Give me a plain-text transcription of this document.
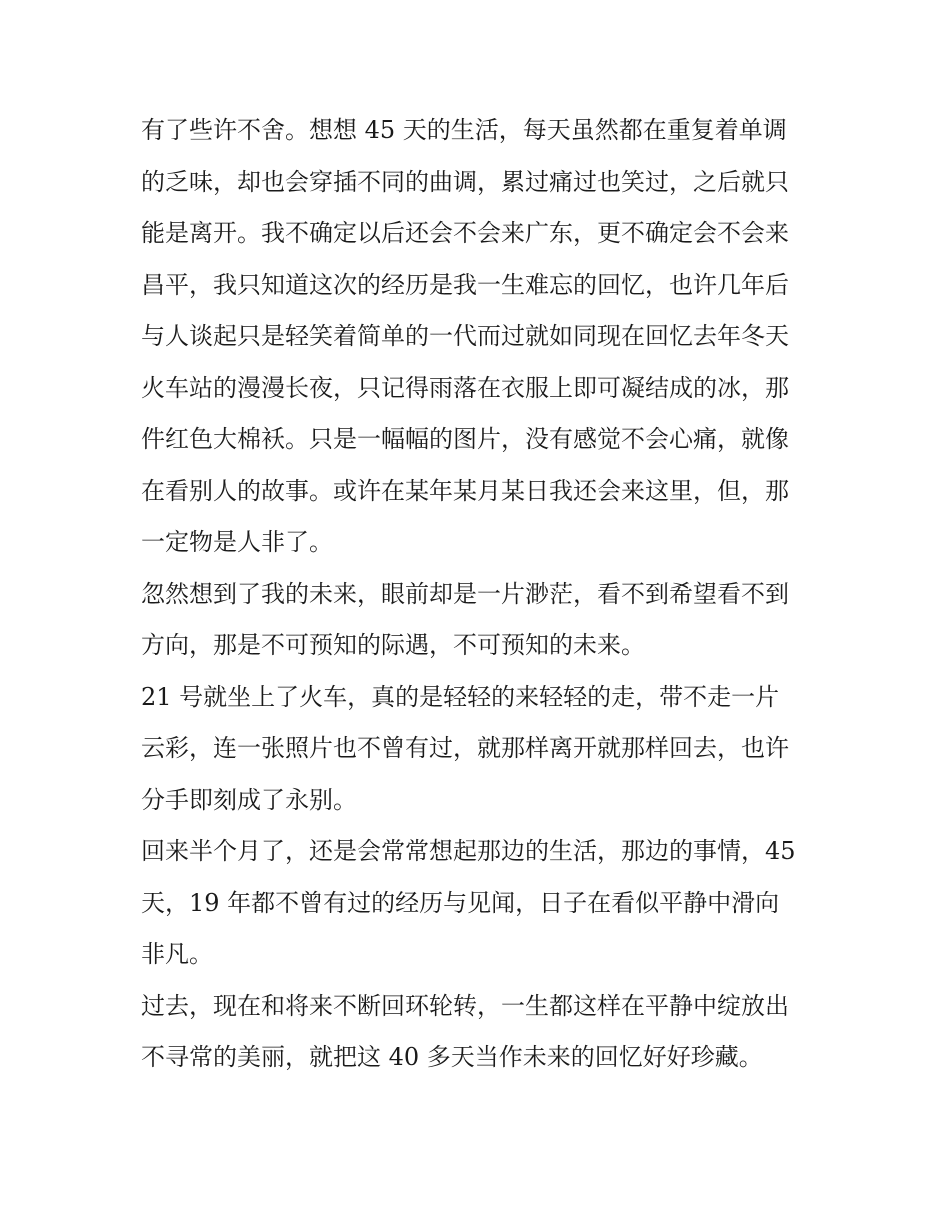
有了些许不舍。想想 45 天的生活，每天虽然都在重复着单调
的乏味，却也会穿插不同的曲调，累过痛过也笑过，之后就只
能是离开。我不确定以后还会不会来广东，更不确定会不会来
昌平，我只知道这次的经历是我一生难忘的回忆，也许几年后
与人谈起只是轻笑着简单的一代而过就如同现在回忆去年冬天
火车站的漫漫长夜，只记得雨落在衣服上即可凝结成的冰，那
件红色大棉袄。只是一幅幅的图片，没有感觉不会心痛，就像
在看别人的故事。或许在某年某月某日我还会来这里，但，那
一定物是人非了。
忽然想到了我的未来，眼前却是一片渺茫，看不到希望看不到
方向，那是不可预知的际遇，不可预知的未来。
21 号就坐上了火车，真的是轻轻的来轻轻的走，带不走一片
云彩，连一张照片也不曾有过，就那样离开就那样回去，也许
分手即刻成了永别。
回来半个月了，还是会常常想起那边的生活，那边的事情，45
天，19 年都不曾有过的经历与见闻，日子在看似平静中滑向
非凡。
过去，现在和将来不断回环轮转，一生都这样在平静中绽放出
不寻常的美丽，就把这 40 多天当作未来的回忆好好珍藏。
